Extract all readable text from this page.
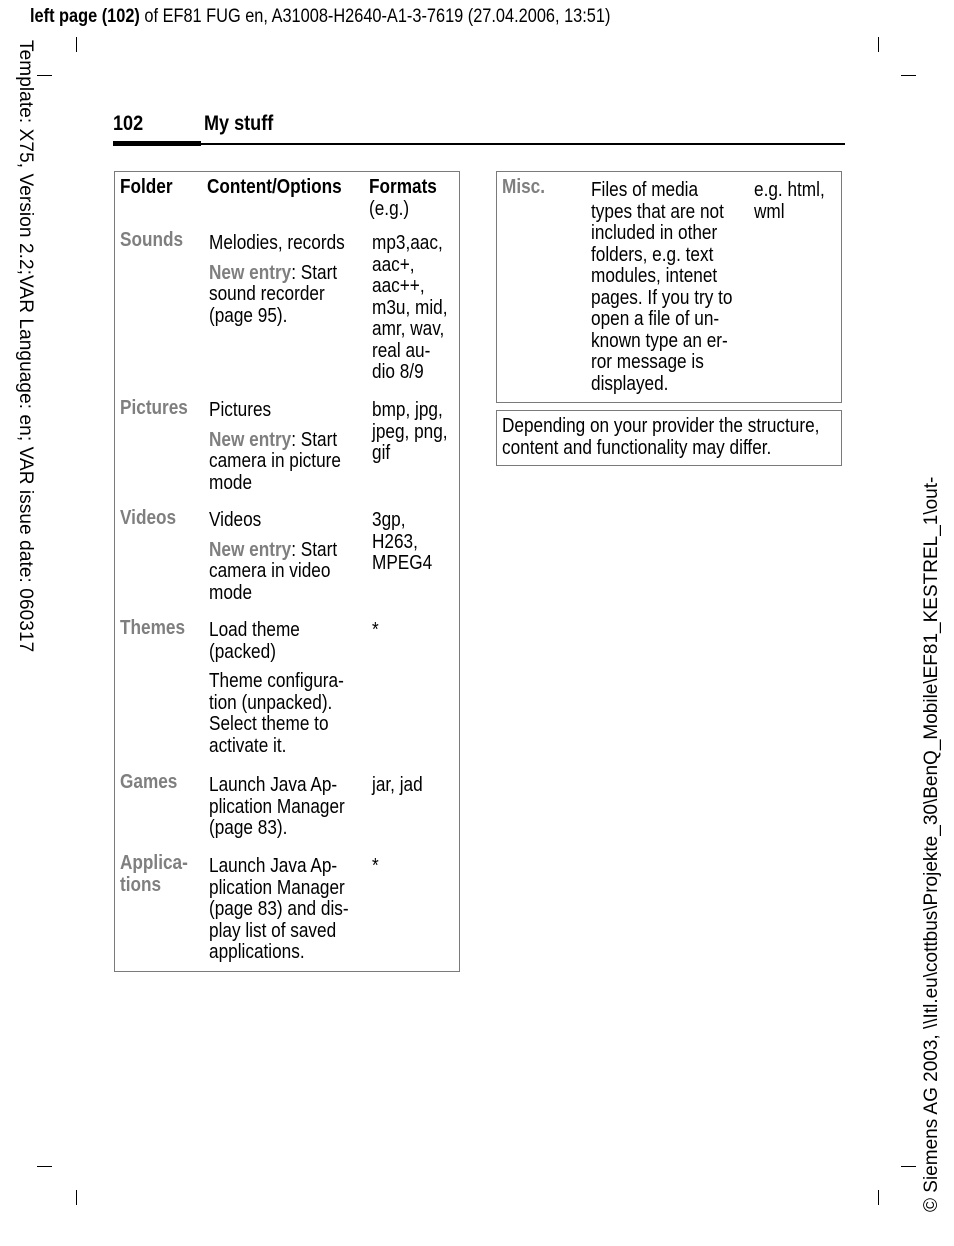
left page (102) of EF81 FUG en, A31008-H2640-A1-3-7619 (27.04.2006, 13:51)
Template: X75, Version 2.2;VAR Language: en; VAR issue date: 060317
© Siemens AG 2003, \\Itl.eu\cottbus\Projekte_30\BenQ_Mobile\EF81_KESTREL_1\out-
102	My stuff
Folder Content/Options Formats
(e.g.)
Sounds Melodies, records
New entry: Start
sound recorder
(page 95).
mp3,aac,
aac+,
aac++,
m3u, mid,
amr, wav,
real au-
dio 8/9
Pictures Pictures
New entry: Start
camera in picture
mode
bmp, jpg,
jpeg, png,
gif
Videos Videos
New entry: Start
camera in video
mode
3gp,
H263,
MPEG4
Themes Load theme
(packed)
Theme configura-
tion (unpacked).
Select theme to
activate it.
*
Games Launch Java Ap-
plication Manager
(page 83).
jar, jad
Applica-
tions
Launch Java Ap-
plication Manager
(page 83) and dis-
play list of saved
applications.
*
Misc. Files of media
types that are not
included in other
folders, e.g. text
modules, intenet
pages. If you try to
open a file of un-
known type an er-
ror message is
displayed.
e.g. html,
wml
Depending on your provider the structure,
content and functionality may differ.
